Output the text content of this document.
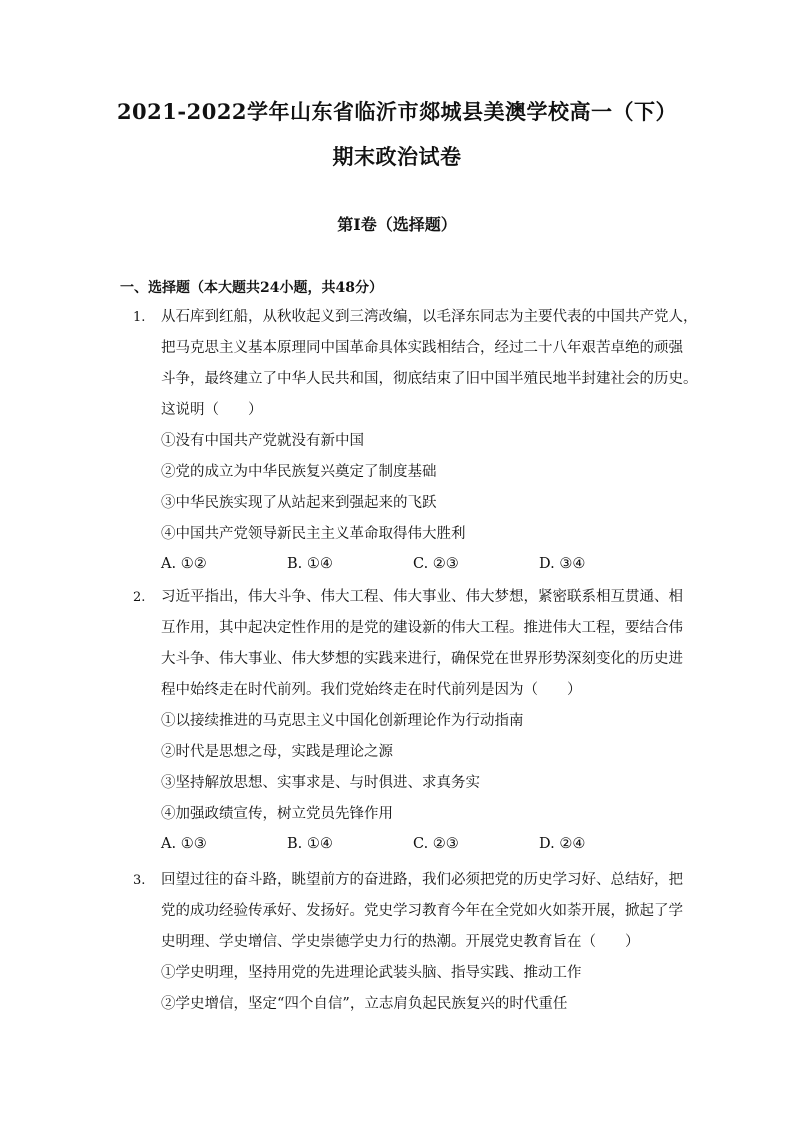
2021-2022学年山东省临沂市郯城县美澳学校高一（下）
期末政治试卷
第I卷（选择题）
一、选择题（本大题共24小题，共48分）
1. 从石库到红船，从秋收起义到三湾改编，以毛泽东同志为主要代表的中国共产党人，
把马克思主义基本原理同中国革命具体实践相结合，经过二十八年艰苦卓绝的顽强
斗争，最终建立了中华人民共和国，彻底结束了旧中国半殖民地半封建社会的历史。
这说明（　　）
①没有中国共产党就没有新中国
②党的成立为中华民族复兴奠定了制度基础
③中华民族实现了从站起来到强起来的飞跃
④中国共产党领导新民主主义革命取得伟大胜利
A. ①②	B. ①④	C. ②③	D. ③④
2. 习近平指出，伟大斗争、伟大工程、伟大事业、伟大梦想，紧密联系相互贯通、相
互作用，其中起决定性作用的是党的建设新的伟大工程。推进伟大工程，要结合伟
大斗争、伟大事业、伟大梦想的实践来进行，确保党在世界形势深刻变化的历史进
程中始终走在时代前列。我们党始终走在时代前列是因为（　　）
①以接续推进的马克思主义中国化创新理论作为行动指南
②时代是思想之母，实践是理论之源
③坚持解放思想、实事求是、与时俱进、求真务实
④加强政绩宣传，树立党员先锋作用
A. ①③	B. ①④	C. ②③	D. ②④
3. 回望过往的奋斗路，眺望前方的奋进路，我们必须把党的历史学习好、总结好，把
党的成功经验传承好、发扬好。党史学习教育今年在全党如火如荼开展，掀起了学
史明理、学史增信、学史崇德学史力行的热潮。开展党史教育旨在（　　）
①学史明理，坚持用党的先进理论武装头脑、指导实践、推动工作
②学史增信，坚定“四个自信”，立志肩负起民族复兴的时代重任
